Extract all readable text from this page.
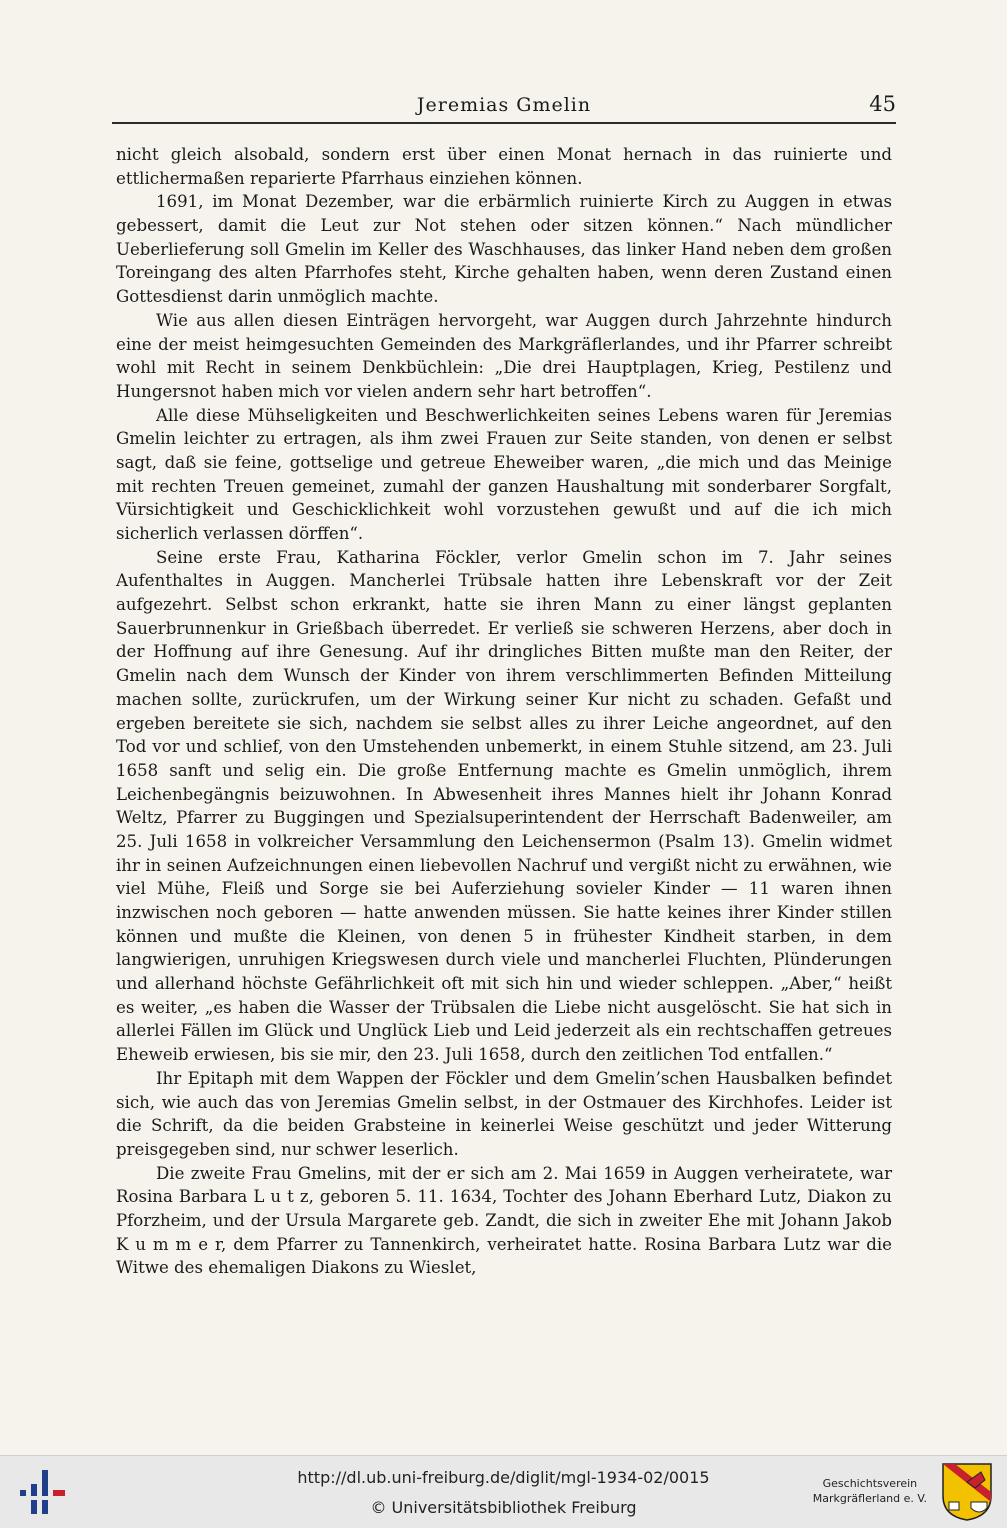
Jeremias Gmelin	45

nicht gleich alsobald, sondern erst über einen Monat hernach in das ruinierte und ettlichermaßen reparierte Pfarrhaus einziehen können.

1691, im Monat Dezember, war die erbärmlich ruinierte Kirch zu Auggen in etwas gebessert, damit die Leut zur Not stehen oder sitzen können.“ Nach mündlicher Ueberlieferung soll Gmelin im Keller des Waschhauses, das linker Hand neben dem großen Toreingang des alten Pfarrhofes steht, Kirche gehalten haben, wenn deren Zustand einen Gottesdienst darin unmöglich machte.

Wie aus allen diesen Einträgen hervorgeht, war Auggen durch Jahrzehnte hindurch eine der meist heimgesuchten Gemeinden des Markgräflerlandes, und ihr Pfarrer schreibt wohl mit Recht in seinem Denkbüchlein: „Die drei Hauptplagen, Krieg, Pestilenz und Hungersnot haben mich vor vielen andern sehr hart betroffen“.

Alle diese Mühseligkeiten und Beschwerlichkeiten seines Lebens waren für Jeremias Gmelin leichter zu ertragen, als ihm zwei Frauen zur Seite standen, von denen er selbst sagt, daß sie feine, gottselige und getreue Eheweiber waren, „die mich und das Meinige mit rechten Treuen gemeinet, zumahl der ganzen Haushaltung mit sonderbarer Sorgfalt, Vürsichtigkeit und Geschicklichkeit wohl vorzustehen gewußt und auf die ich mich sicherlich verlassen dörffen“.

Seine erste Frau, Katharina Föckler, verlor Gmelin schon im 7. Jahr seines Aufenthaltes in Auggen. Mancherlei Trübsale hatten ihre Lebenskraft vor der Zeit aufgezehrt. Selbst schon erkrankt, hatte sie ihren Mann zu einer längst geplanten Sauerbrunnenkur in Grießbach überredet. Er verließ sie schweren Herzens, aber doch in der Hoffnung auf ihre Genesung. Auf ihr dringliches Bitten mußte man den Reiter, der Gmelin nach dem Wunsch der Kinder von ihrem verschlimmerten Befinden Mitteilung machen sollte, zurückrufen, um der Wirkung seiner Kur nicht zu schaden. Gefaßt und ergeben bereitete sie sich, nachdem sie selbst alles zu ihrer Leiche angeordnet, auf den Tod vor und schlief, von den Umstehenden unbemerkt, in einem Stuhle sitzend, am 23. Juli 1658 sanft und selig ein. Die große Entfernung machte es Gmelin unmöglich, ihrem Leichenbegängnis beizuwohnen. In Abwesenheit ihres Mannes hielt ihr Johann Konrad Weltz, Pfarrer zu Buggingen und Spezialsuperintendent der Herrschaft Badenweiler, am 25. Juli 1658 in volkreicher Versammlung den Leichensermon (Psalm 13). Gmelin widmet ihr in seinen Aufzeichnungen einen liebevollen Nachruf und vergißt nicht zu erwähnen, wie viel Mühe, Fleiß und Sorge sie bei Auferziehung sovieler Kinder — 11 waren ihnen inzwischen noch geboren — hatte anwenden müssen. Sie hatte keines ihrer Kinder stillen können und mußte die Kleinen, von denen 5 in frühester Kindheit starben, in dem langwierigen, unruhigen Kriegswesen durch viele und mancherlei Fluchten, Plünderungen und allerhand höchste Gefährlichkeit oft mit sich hin und wieder schleppen. „Aber,“ heißt es weiter, „es haben die Wasser der Trübsalen die Liebe nicht ausgelöscht. Sie hat sich in allerlei Fällen im Glück und Unglück Lieb und Leid jederzeit als ein rechtschaffen getreues Eheweib erwiesen, bis sie mir, den 23. Juli 1658, durch den zeitlichen Tod entfallen.“

Ihr Epitaph mit dem Wappen der Föckler und dem Gmelin’schen Hausbalken befindet sich, wie auch das von Jeremias Gmelin selbst, in der Ostmauer des Kirchhofes. Leider ist die Schrift, da die beiden Grabsteine in keinerlei Weise geschützt und jeder Witterung preisgegeben sind, nur schwer leserlich.

Die zweite Frau Gmelins, mit der er sich am 2. Mai 1659 in Auggen verheiratete, war Rosina Barbara L u t z, geboren 5. 11. 1634, Tochter des Johann Eberhard Lutz, Diakon zu Pforzheim, und der Ursula Margarete geb. Zandt, die sich in zweiter Ehe mit Johann Jakob K u m m e r, dem Pfarrer zu Tannenkirch, verheiratet hatte. Rosina Barbara Lutz war die Witwe des ehemaligen Diakons zu Wieslet,

http://dl.ub.uni-freiburg.de/diglit/mgl-1934-02/0015
© Universitätsbibliothek Freiburg
Geschichtsverein
Markgräflerland e. V.
